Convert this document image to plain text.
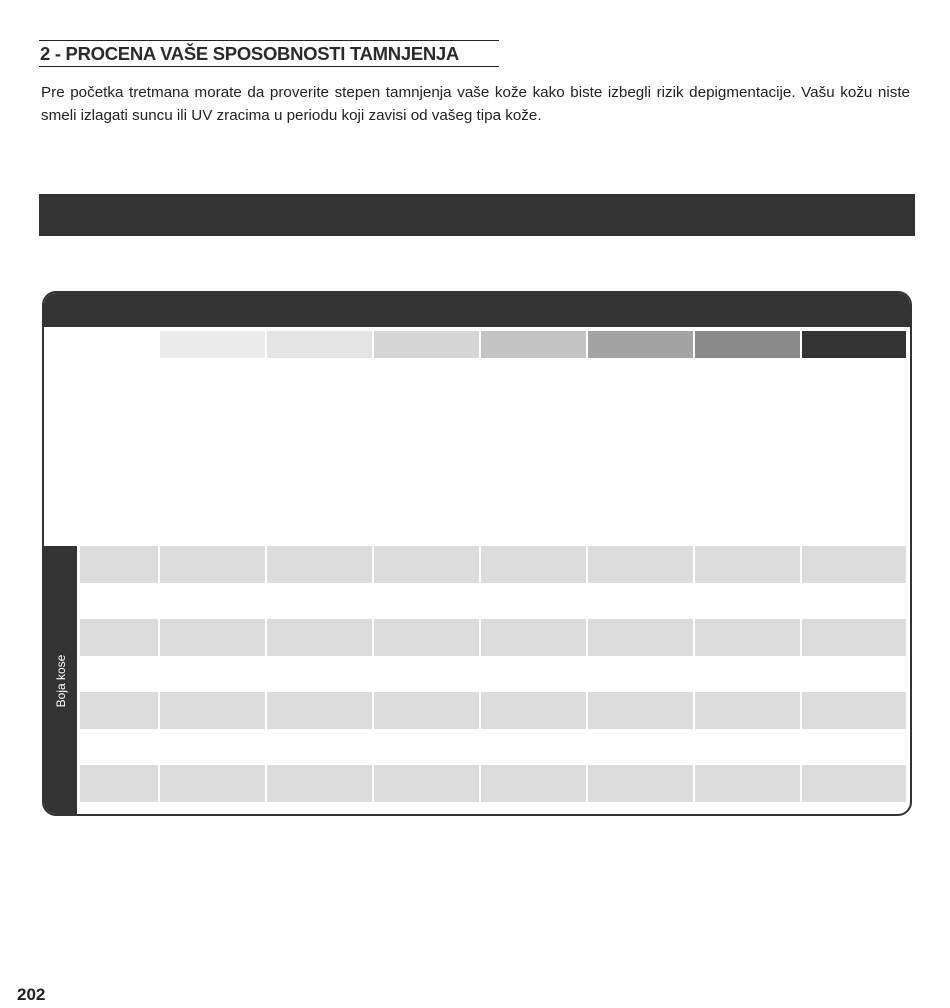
2 - PROCENA VAŠE SPOSOBNOSTI TAMNJENJA
Pre početka tretmana morate da proverite stepen tamnjenja vaše kože kako biste izbegli rizik depigmentacije. Vašu kožu niste smeli izlagati suncu ili UV zracima u periodu koji zavisi od vašeg tipa kože.
Boja kose
202
